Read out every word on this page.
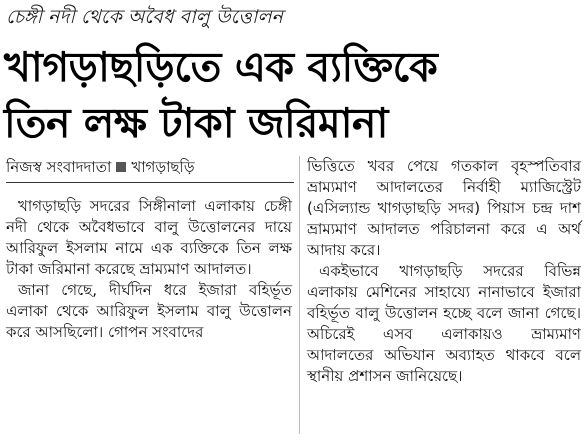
চেঙ্গী নদী থেকে অবৈধ বালু উত্তোলন
খাগড়াছড়িতে এক ব্যক্তিকে
তিন লক্ষ টাকা জরিমানা
নিজস্ব সংবাদদাতা খাগড়াছড়ি

খাগড়াছড়ি সদরের সিঙ্গীনালা এলাকায় চেঙ্গী নদী থেকে অবৈধভাবে বালু উত্তোলনের দায়ে আরিফুল ইসলাম নামে এক ব্যক্তিকে তিন লক্ষ টাকা জরিমানা করেছে ভ্রাম্যমাণ আদালত।

জানা গেছে, দীর্ঘদিন ধরে ইজারা বহির্ভূত এলাকা থেকে আরিফুল ইসলাম বালু উত্তোলন করে আসছিলো। গোপন সংবাদের

ভিত্তিতে খবর পেয়ে গতকাল বৃহস্পতিবার ভ্রাম্যমাণ আদালতের নির্বাহী ম্যাজিস্ট্রেট (এসিল্যান্ড খাগড়াছড়ি সদর) পিয়াস চন্দ্র দাশ ভ্রাম্যমাণ আদালত পরিচালনা করে এ অর্থ আদায় করে।

একইভাবে খাগড়াছড়ি সদরের বিভিন্ন এলাকায় মেশিনের সাহায্যে নানাভাবে ইজারা বহির্ভূত বালু উত্তোলন হচ্ছে বলে জানা গেছে। অচিরেই এসব এলাকায়ও ভ্রাম্যমাণ আদালতের অভিযান অব্যাহত থাকবে বলে স্থানীয় প্রশাসন জানিয়েছে।
